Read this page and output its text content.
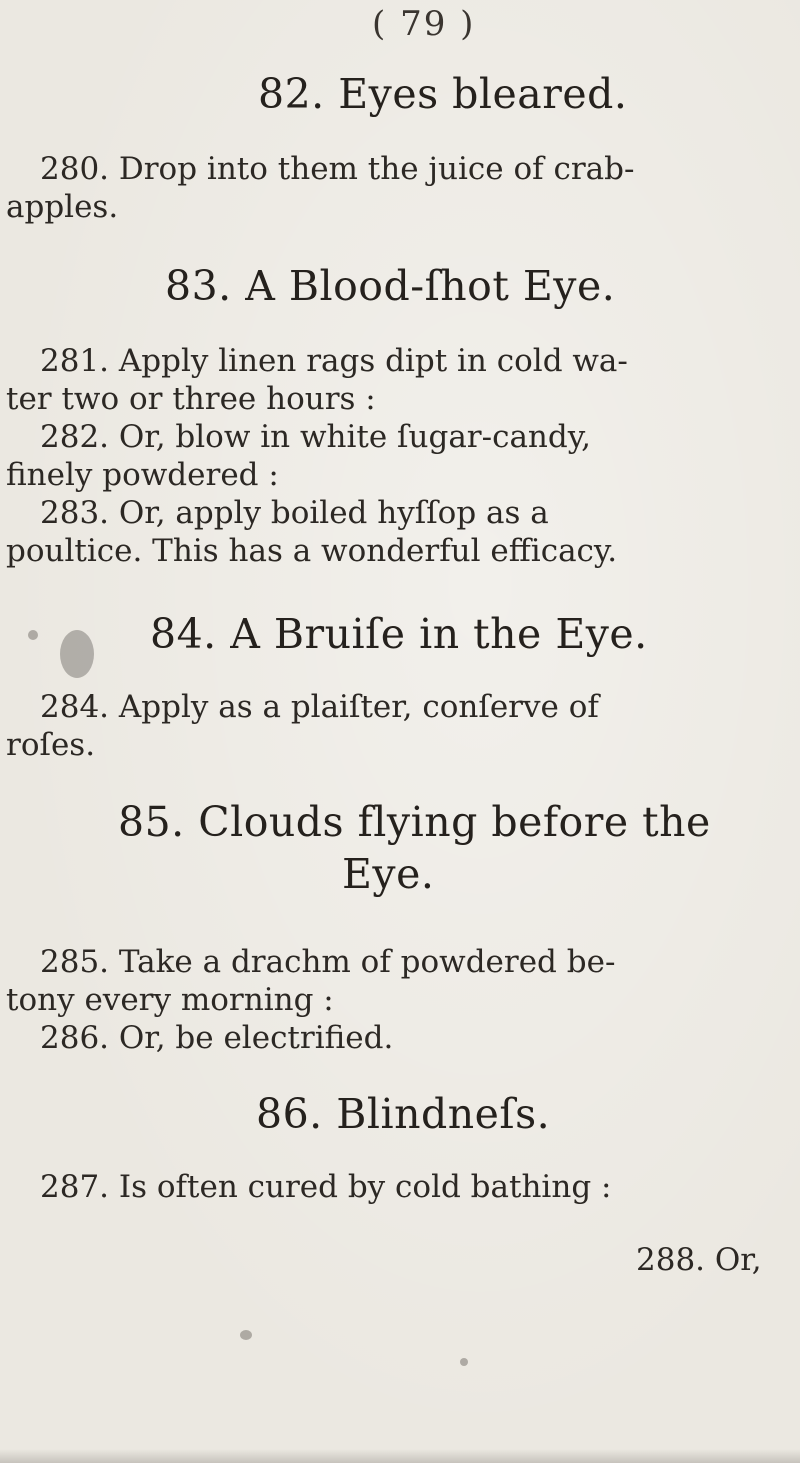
( 79 )
82. Eyes bleared.
280. Drop into them the juice of crab-
apples.
83. A Blood-ſhot Eye.
281. Apply linen rags dipt in cold wa-
ter two or three hours :
282. Or, blow in white ſugar-candy,
finely powdered :
283. Or, apply boiled hyſſop as a
poultice. This has a wonderful efficacy.
84. A Bruiſe in the Eye.
284. Apply as a plaiſter, conſerve of
roſes.
85. Clouds flying before the
Eye.
285. Take a drachm of powdered be-
tony every morning :
286. Or, be electrified.
86. Blindneſs.
287. Is often cured by cold bathing :
288. Or,
